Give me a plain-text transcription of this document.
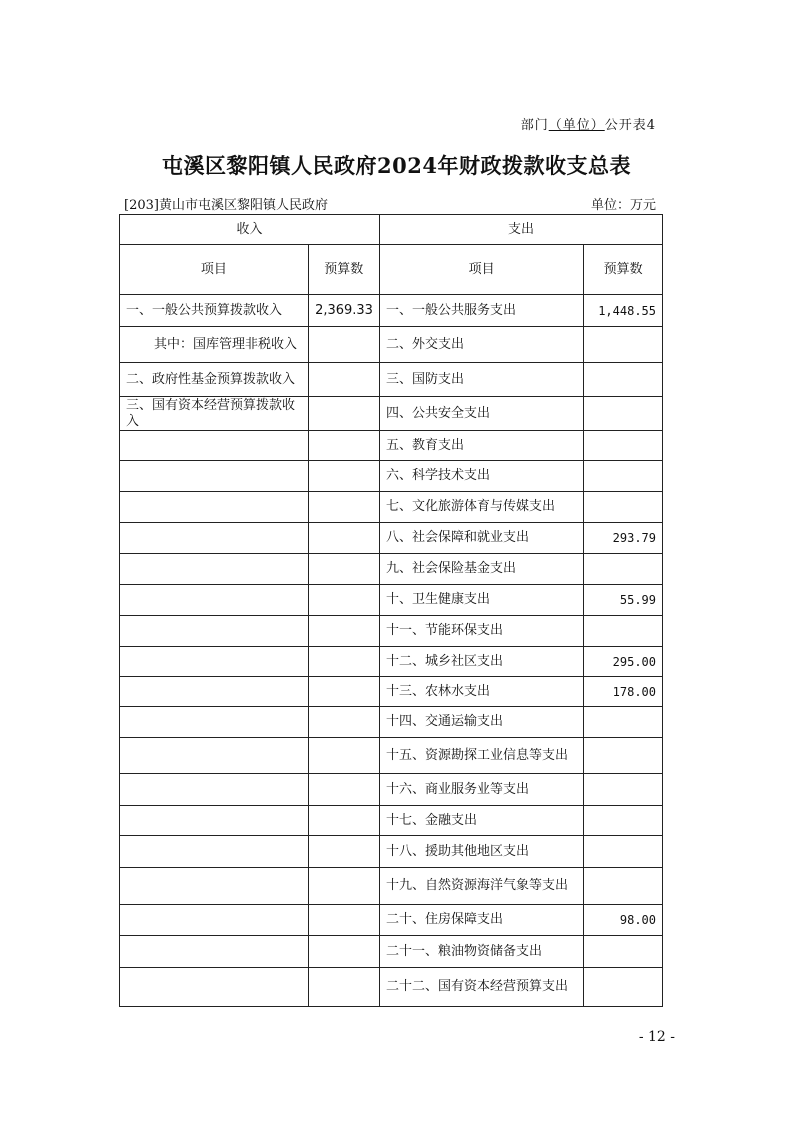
部门（单位）公开表4
屯溪区黎阳镇人民政府2024年财政拨款收支总表
[203]黄山市屯溪区黎阳镇人民政府	单位：万元
收入		支出	
项目	预算数	项目	预算数
一、一般公共预算拨款收入	2,369.33	一、一般公共服务支出	1,448.55
其中：国库管理非税收入		二、外交支出	
二、政府性基金预算拨款收入		三、国防支出	
三、国有资本经营预算拨款收入		四、公共安全支出	
		五、教育支出	
		六、科学技术支出	
		七、文化旅游体育与传媒支出	
		八、社会保障和就业支出	293.79
		九、社会保险基金支出	
		十、卫生健康支出	55.99
		十一、节能环保支出	
		十二、城乡社区支出	295.00
		十三、农林水支出	178.00
		十四、交通运输支出	
		十五、资源勘探工业信息等支出	
		十六、商业服务业等支出	
		十七、金融支出	
		十八、援助其他地区支出	
		十九、自然资源海洋气象等支出	
		二十、住房保障支出	98.00
		二十一、粮油物资储备支出	
		二十二、国有资本经营预算支出	
- 12 -
